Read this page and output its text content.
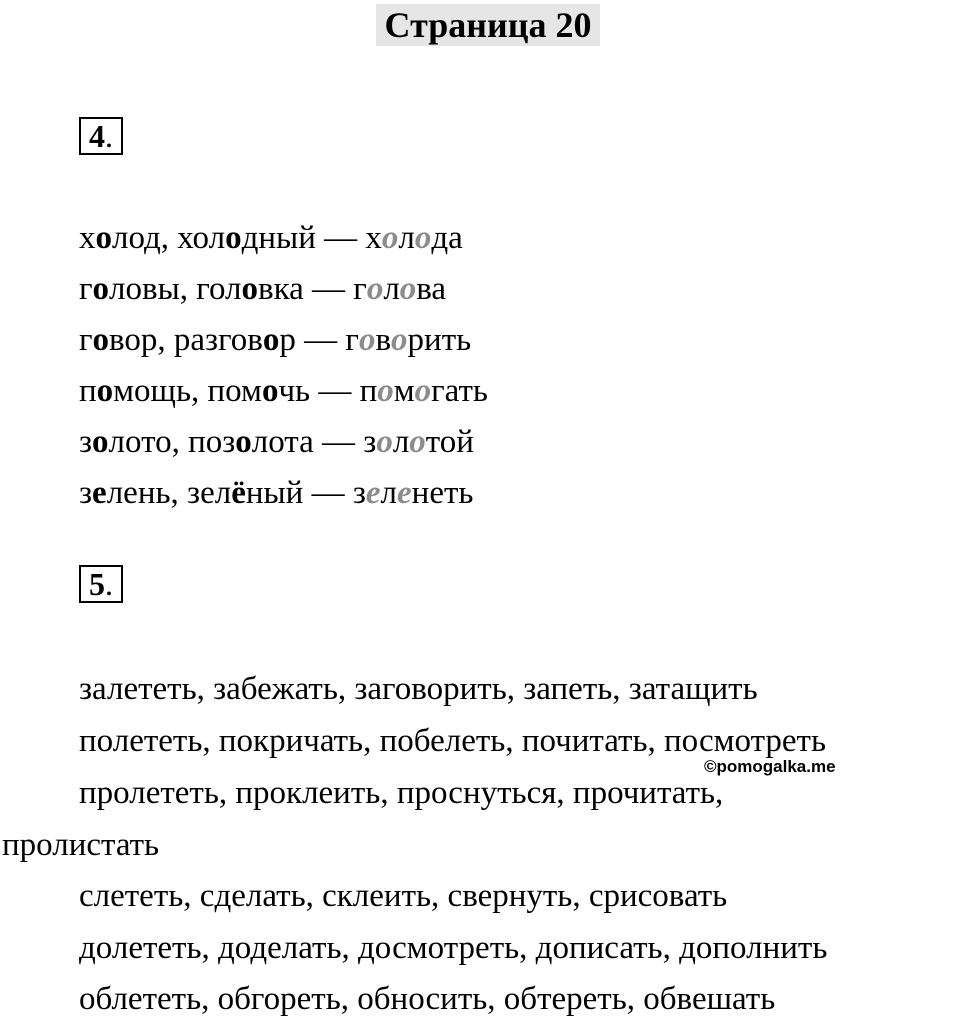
Страница 20
4.
холод, холодный — холода
головы, головка — голова
говор, разговор — говорить
помощь, помочь — помогать
золото, позолота — золотой
зелень, зелёный — зеленеть
5.
залететь, забежать, заговорить, запеть, затащить
полететь, покричать, побелеть, почитать, посмотреть
©pomogalka.me
пролететь, проклеить, проснуться, прочитать,
пролистать
слететь, сделать, склеить, свернуть, срисовать
долететь, доделать, досмотреть, дописать, дополнить
облететь, обгореть, обносить, обтереть, обвешать
